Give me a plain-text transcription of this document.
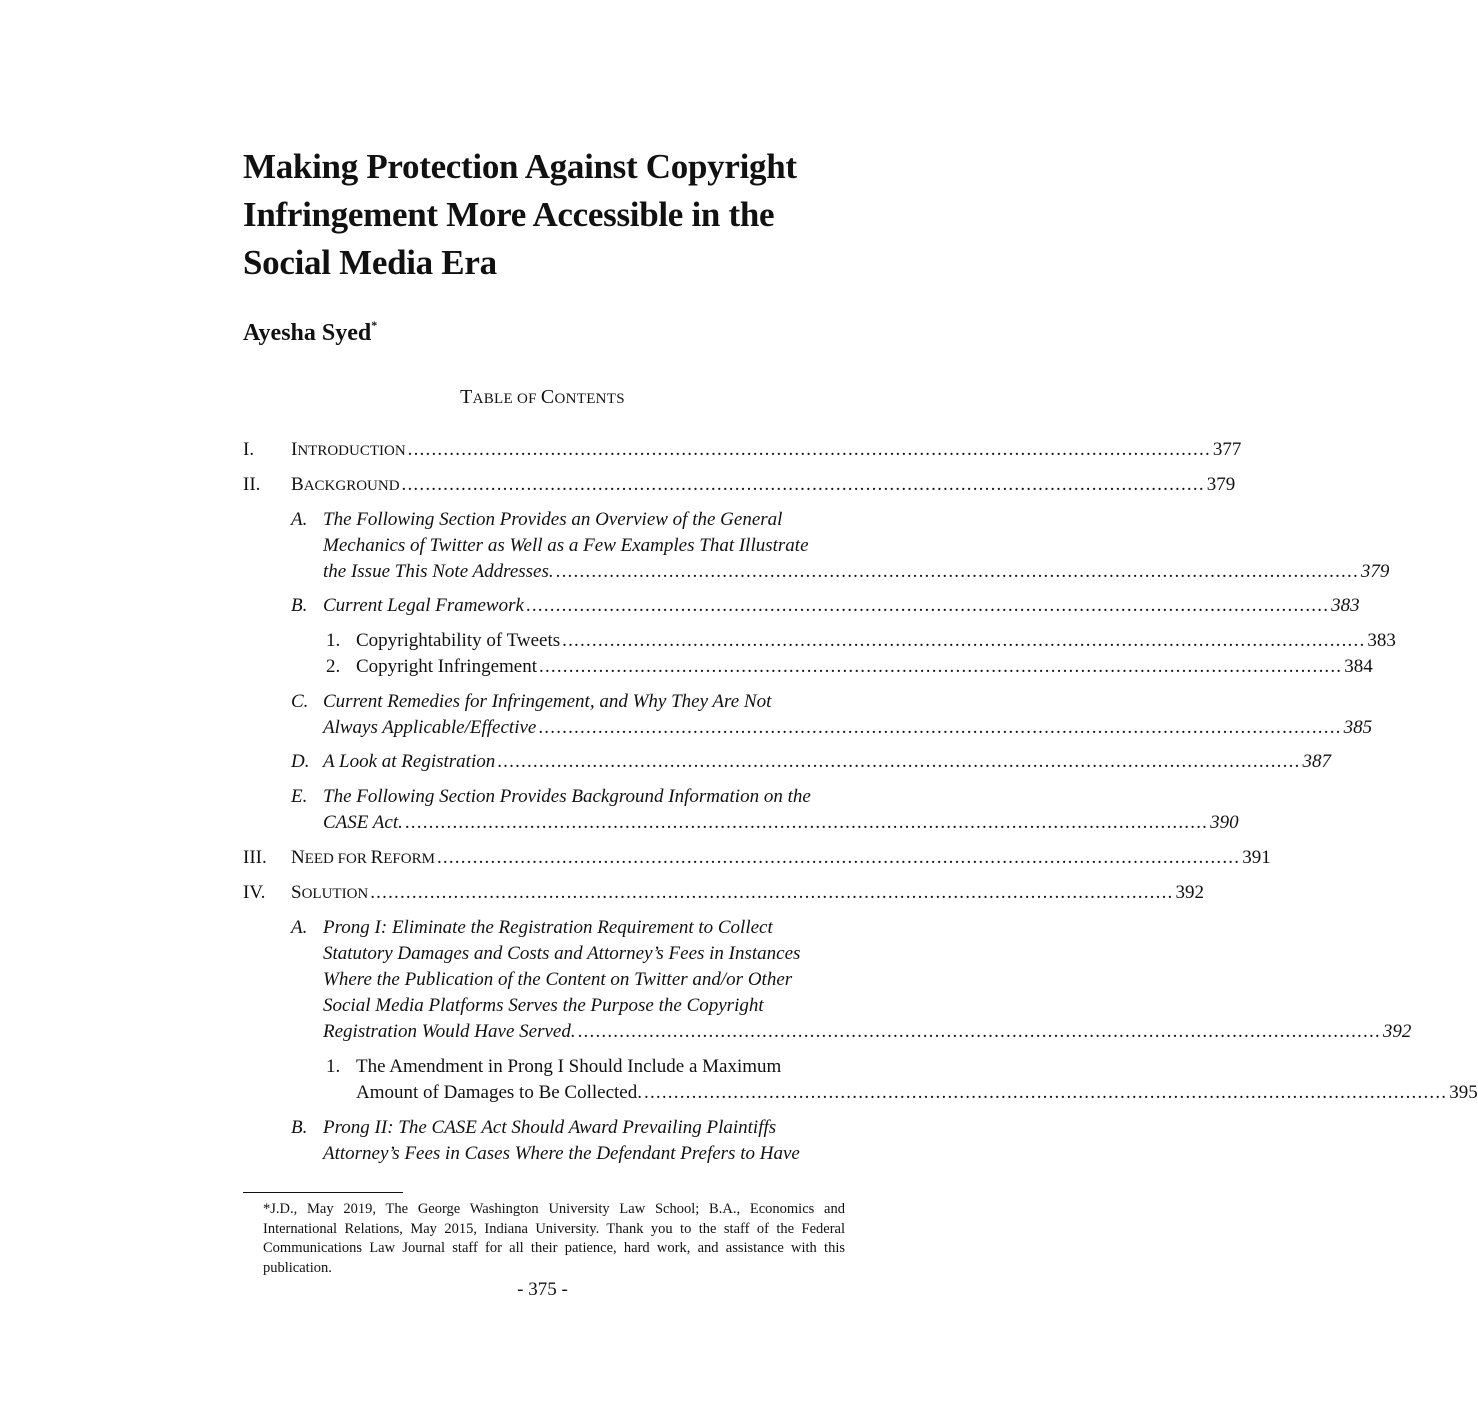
Making Protection Against Copyright
Infringement More Accessible in the
Social Media Era
Ayesha Syed*
TABLE OF CONTENTS
I. INTRODUCTION ....................................................................................................................................... 377
II. BACKGROUND ....................................................................................................................................... 379
A. The Following Section Provides an Overview of the General
Mechanics of Twitter as Well as a Few Examples That Illustrate
the Issue This Note Addresses. ....................................................................................................................................... 379
B. Current Legal Framework ....................................................................................................................................... 383
1. Copyrightability of Tweets ....................................................................................................................................... 383
2. Copyright Infringement ....................................................................................................................................... 384
C. Current Remedies for Infringement, and Why They Are Not
Always Applicable/Effective ....................................................................................................................................... 385
D. A Look at Registration ....................................................................................................................................... 387
E. The Following Section Provides Background Information on the
CASE Act. ....................................................................................................................................... 390
III. NEED FOR REFORM ....................................................................................................................................... 391
IV. SOLUTION ....................................................................................................................................... 392
A. Prong I: Eliminate the Registration Requirement to Collect
Statutory Damages and Costs and Attorney’s Fees in Instances
Where the Publication of the Content on Twitter and/or Other
Social Media Platforms Serves the Purpose the Copyright
Registration Would Have Served. ....................................................................................................................................... 392
1. The Amendment in Prong I Should Include a Maximum
Amount of Damages to Be Collected. ....................................................................................................................................... 395
B. Prong II: The CASE Act Should Award Prevailing Plaintiffs
Attorney’s Fees in Cases Where the Defendant Prefers to Have
*J.D., May 2019, The George Washington University Law School; B.A., Economics and International Relations, May 2015, Indiana University. Thank you to the staff of the Federal Communications Law Journal staff for all their patience, hard work, and assistance with this publication.
- 375 -
